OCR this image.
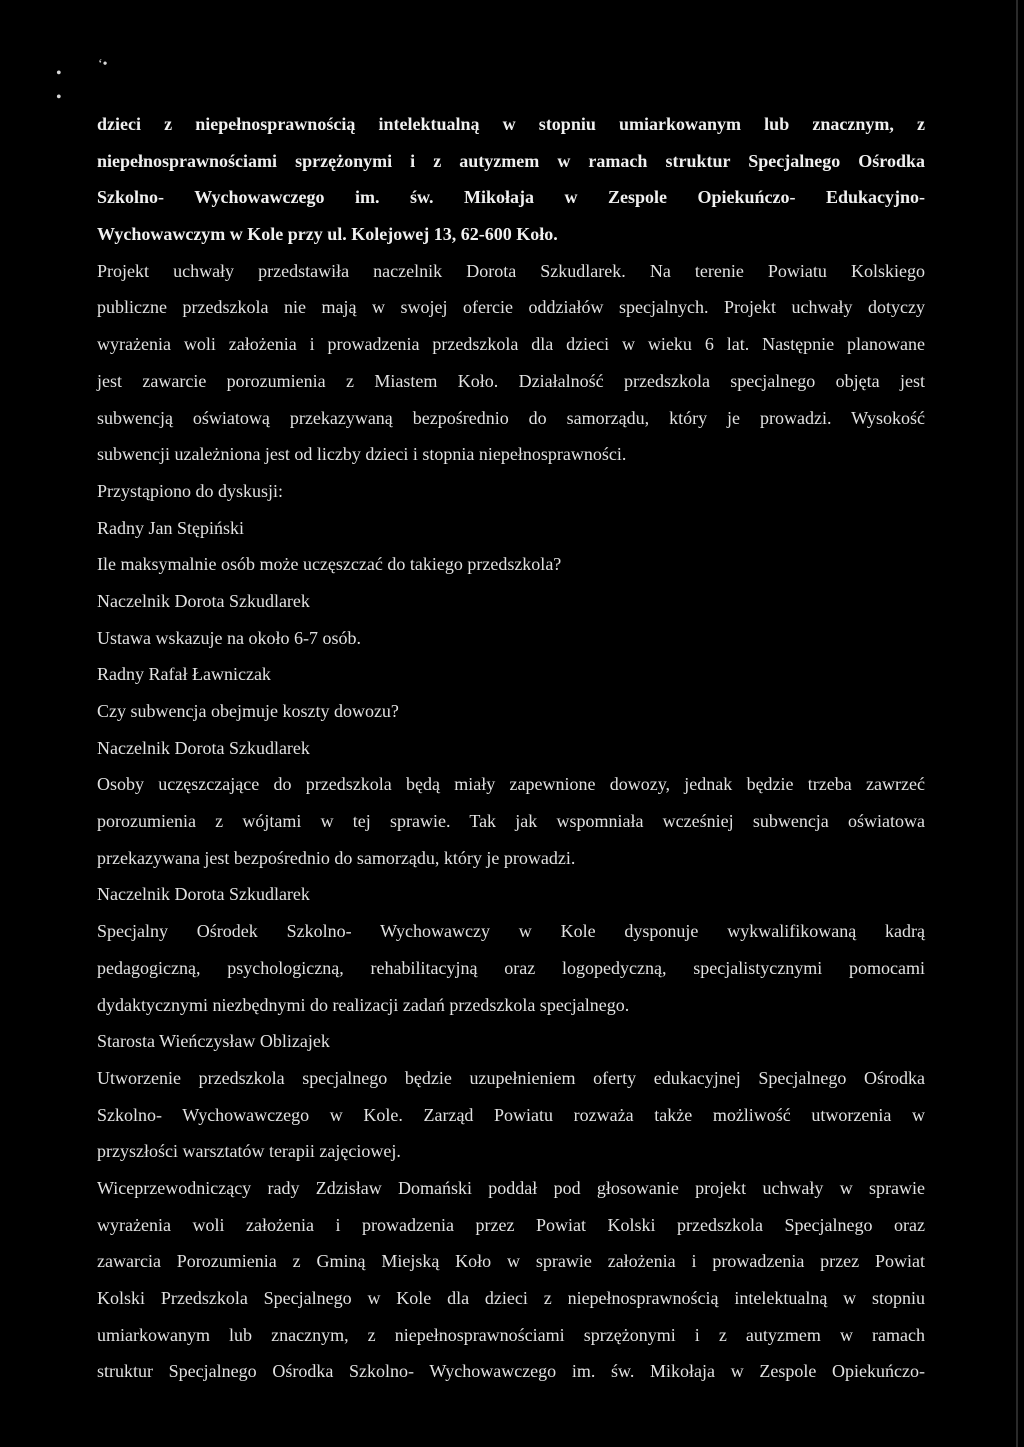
•
‘•
•
dzieci z niepełnosprawnością intelektualną w stopniu umiarkowanym lub znacznym, z
niepełnosprawnościami sprzężonymi i z autyzmem w ramach struktur Specjalnego Ośrodka
Szkolno- Wychowawczego im. św. Mikołaja w Zespole Opiekuńczo- Edukacyjno-
Wychowawczym w Kole przy ul. Kolejowej 13, 62-600 Koło.
Projekt uchwały przedstawiła naczelnik Dorota Szkudlarek. Na terenie Powiatu Kolskiego
publiczne przedszkola nie mają w swojej ofercie oddziałów specjalnych. Projekt uchwały dotyczy
wyrażenia woli założenia i prowadzenia przedszkola dla dzieci w wieku 6 lat. Następnie planowane
jest zawarcie porozumienia z Miastem Koło. Działalność przedszkola specjalnego objęta jest
subwencją oświatową przekazywaną bezpośrednio do samorządu, który je prowadzi. Wysokość
subwencji uzależniona jest od liczby dzieci i stopnia niepełnosprawności.
Przystąpiono do dyskusji:
Radny Jan Stępiński
Ile maksymalnie osób może uczęszczać do takiego przedszkola?
Naczelnik Dorota Szkudlarek
Ustawa wskazuje na około 6-7 osób.
Radny Rafał Ławniczak
Czy subwencja obejmuje koszty dowozu?
Naczelnik Dorota Szkudlarek
Osoby uczęszczające do przedszkola będą miały zapewnione dowozy, jednak będzie trzeba zawrzeć
porozumienia z wójtami w tej sprawie. Tak jak wspomniała wcześniej subwencja oświatowa
przekazywana jest bezpośrednio do samorządu, który je prowadzi.
Naczelnik Dorota Szkudlarek
Specjalny Ośrodek Szkolno- Wychowawczy w Kole dysponuje wykwalifikowaną kadrą
pedagogiczną, psychologiczną, rehabilitacyjną oraz logopedyczną, specjalistycznymi pomocami
dydaktycznymi niezbędnymi do realizacji zadań przedszkola specjalnego.
Starosta Wieńczysław Oblizajek
Utworzenie przedszkola specjalnego będzie uzupełnieniem oferty edukacyjnej Specjalnego Ośrodka
Szkolno- Wychowawczego w Kole. Zarząd Powiatu rozważa także możliwość utworzenia w
przyszłości warsztatów terapii zajęciowej.
Wiceprzewodniczący rady Zdzisław Domański poddał pod głosowanie projekt uchwały w sprawie
wyrażenia woli założenia i prowadzenia przez Powiat Kolski przedszkola Specjalnego oraz
zawarcia Porozumienia z Gminą Miejską Koło w sprawie założenia i prowadzenia przez Powiat
Kolski Przedszkola Specjalnego w Kole dla dzieci z niepełnosprawnością intelektualną w stopniu
umiarkowanym lub znacznym, z niepełnosprawnościami sprzężonymi i z autyzmem w ramach
struktur Specjalnego Ośrodka Szkolno- Wychowawczego im. św. Mikołaja w Zespole Opiekuńczo-
